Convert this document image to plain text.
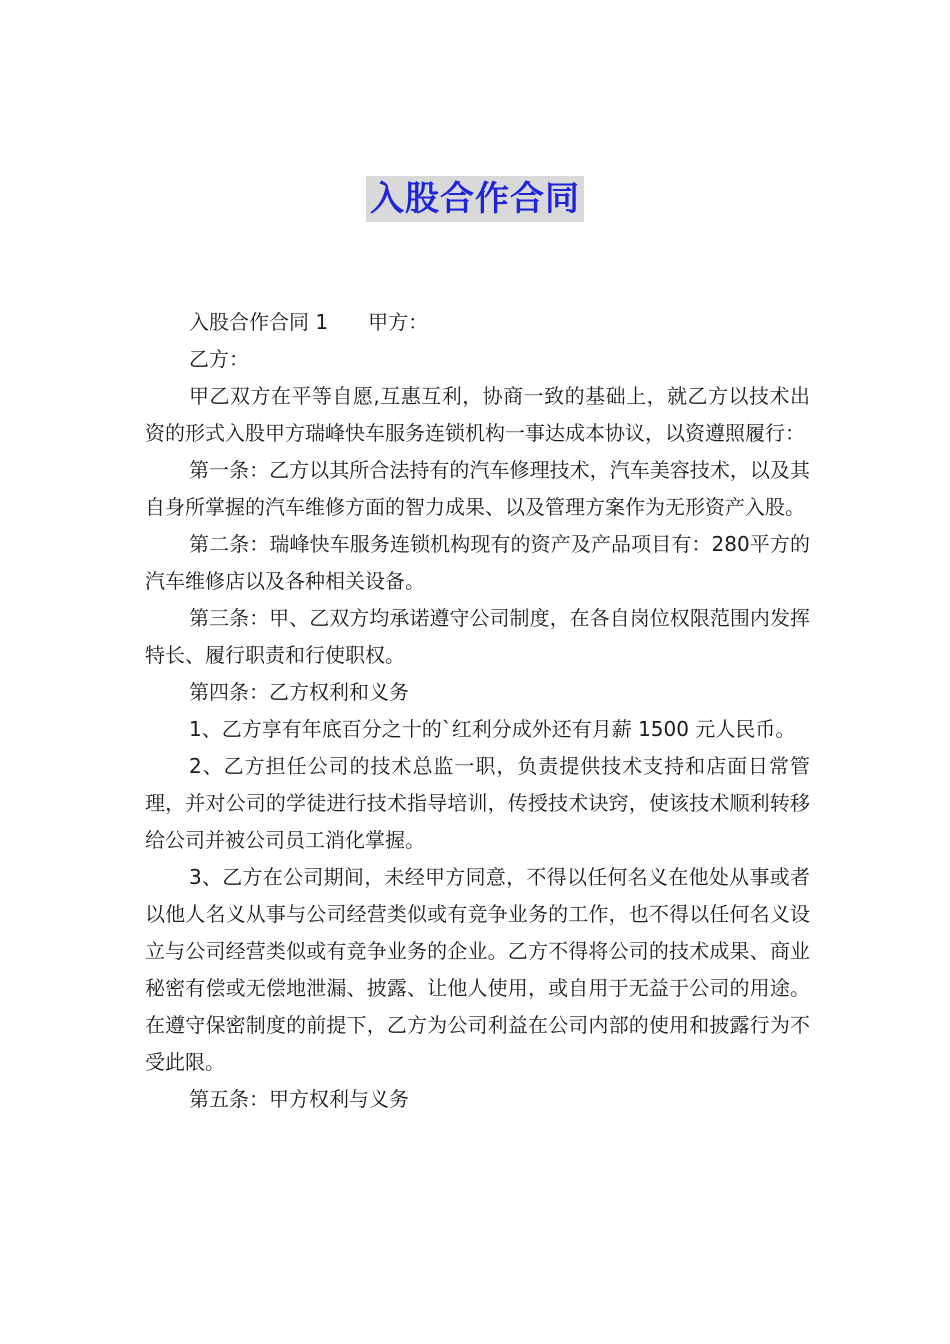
入股合作合同

入股合作合同 1 甲方：

乙方：

甲乙双方在平等自愿,互惠互利，协商一致的基础上，就乙方以技术出资的形式入股甲方瑞峰快车服务连锁机构一事达成本协议，以资遵照履行：

第一条：乙方以其所合法持有的汽车修理技术，汽车美容技术，以及其自身所掌握的汽车维修方面的智力成果、以及管理方案作为无形资产入股。

第二条：瑞峰快车服务连锁机构现有的资产及产品项目有：280平方的汽车维修店以及各种相关设备。

第三条：甲、乙双方均承诺遵守公司制度，在各自岗位权限范围内发挥特长、履行职责和行使职权。

第四条：乙方权利和义务

1、乙方享有年底百分之十的`红利分成外还有月薪 1500 元人民币。

2、乙方担任公司的技术总监一职，负责提供技术支持和店面日常管理，并对公司的学徒进行技术指导培训，传授技术诀窍，使该技术顺利转移给公司并被公司员工消化掌握。

3、乙方在公司期间，未经甲方同意，不得以任何名义在他处从事或者以他人名义从事与公司经营类似或有竞争业务的工作，也不得以任何名义设立与公司经营类似或有竞争业务的企业。乙方不得将公司的技术成果、商业秘密有偿或无偿地泄漏、披露、让他人使用，或自用于无益于公司的用途。在遵守保密制度的前提下，乙方为公司利益在公司内部的使用和披露行为不受此限。

第五条：甲方权利与义务
